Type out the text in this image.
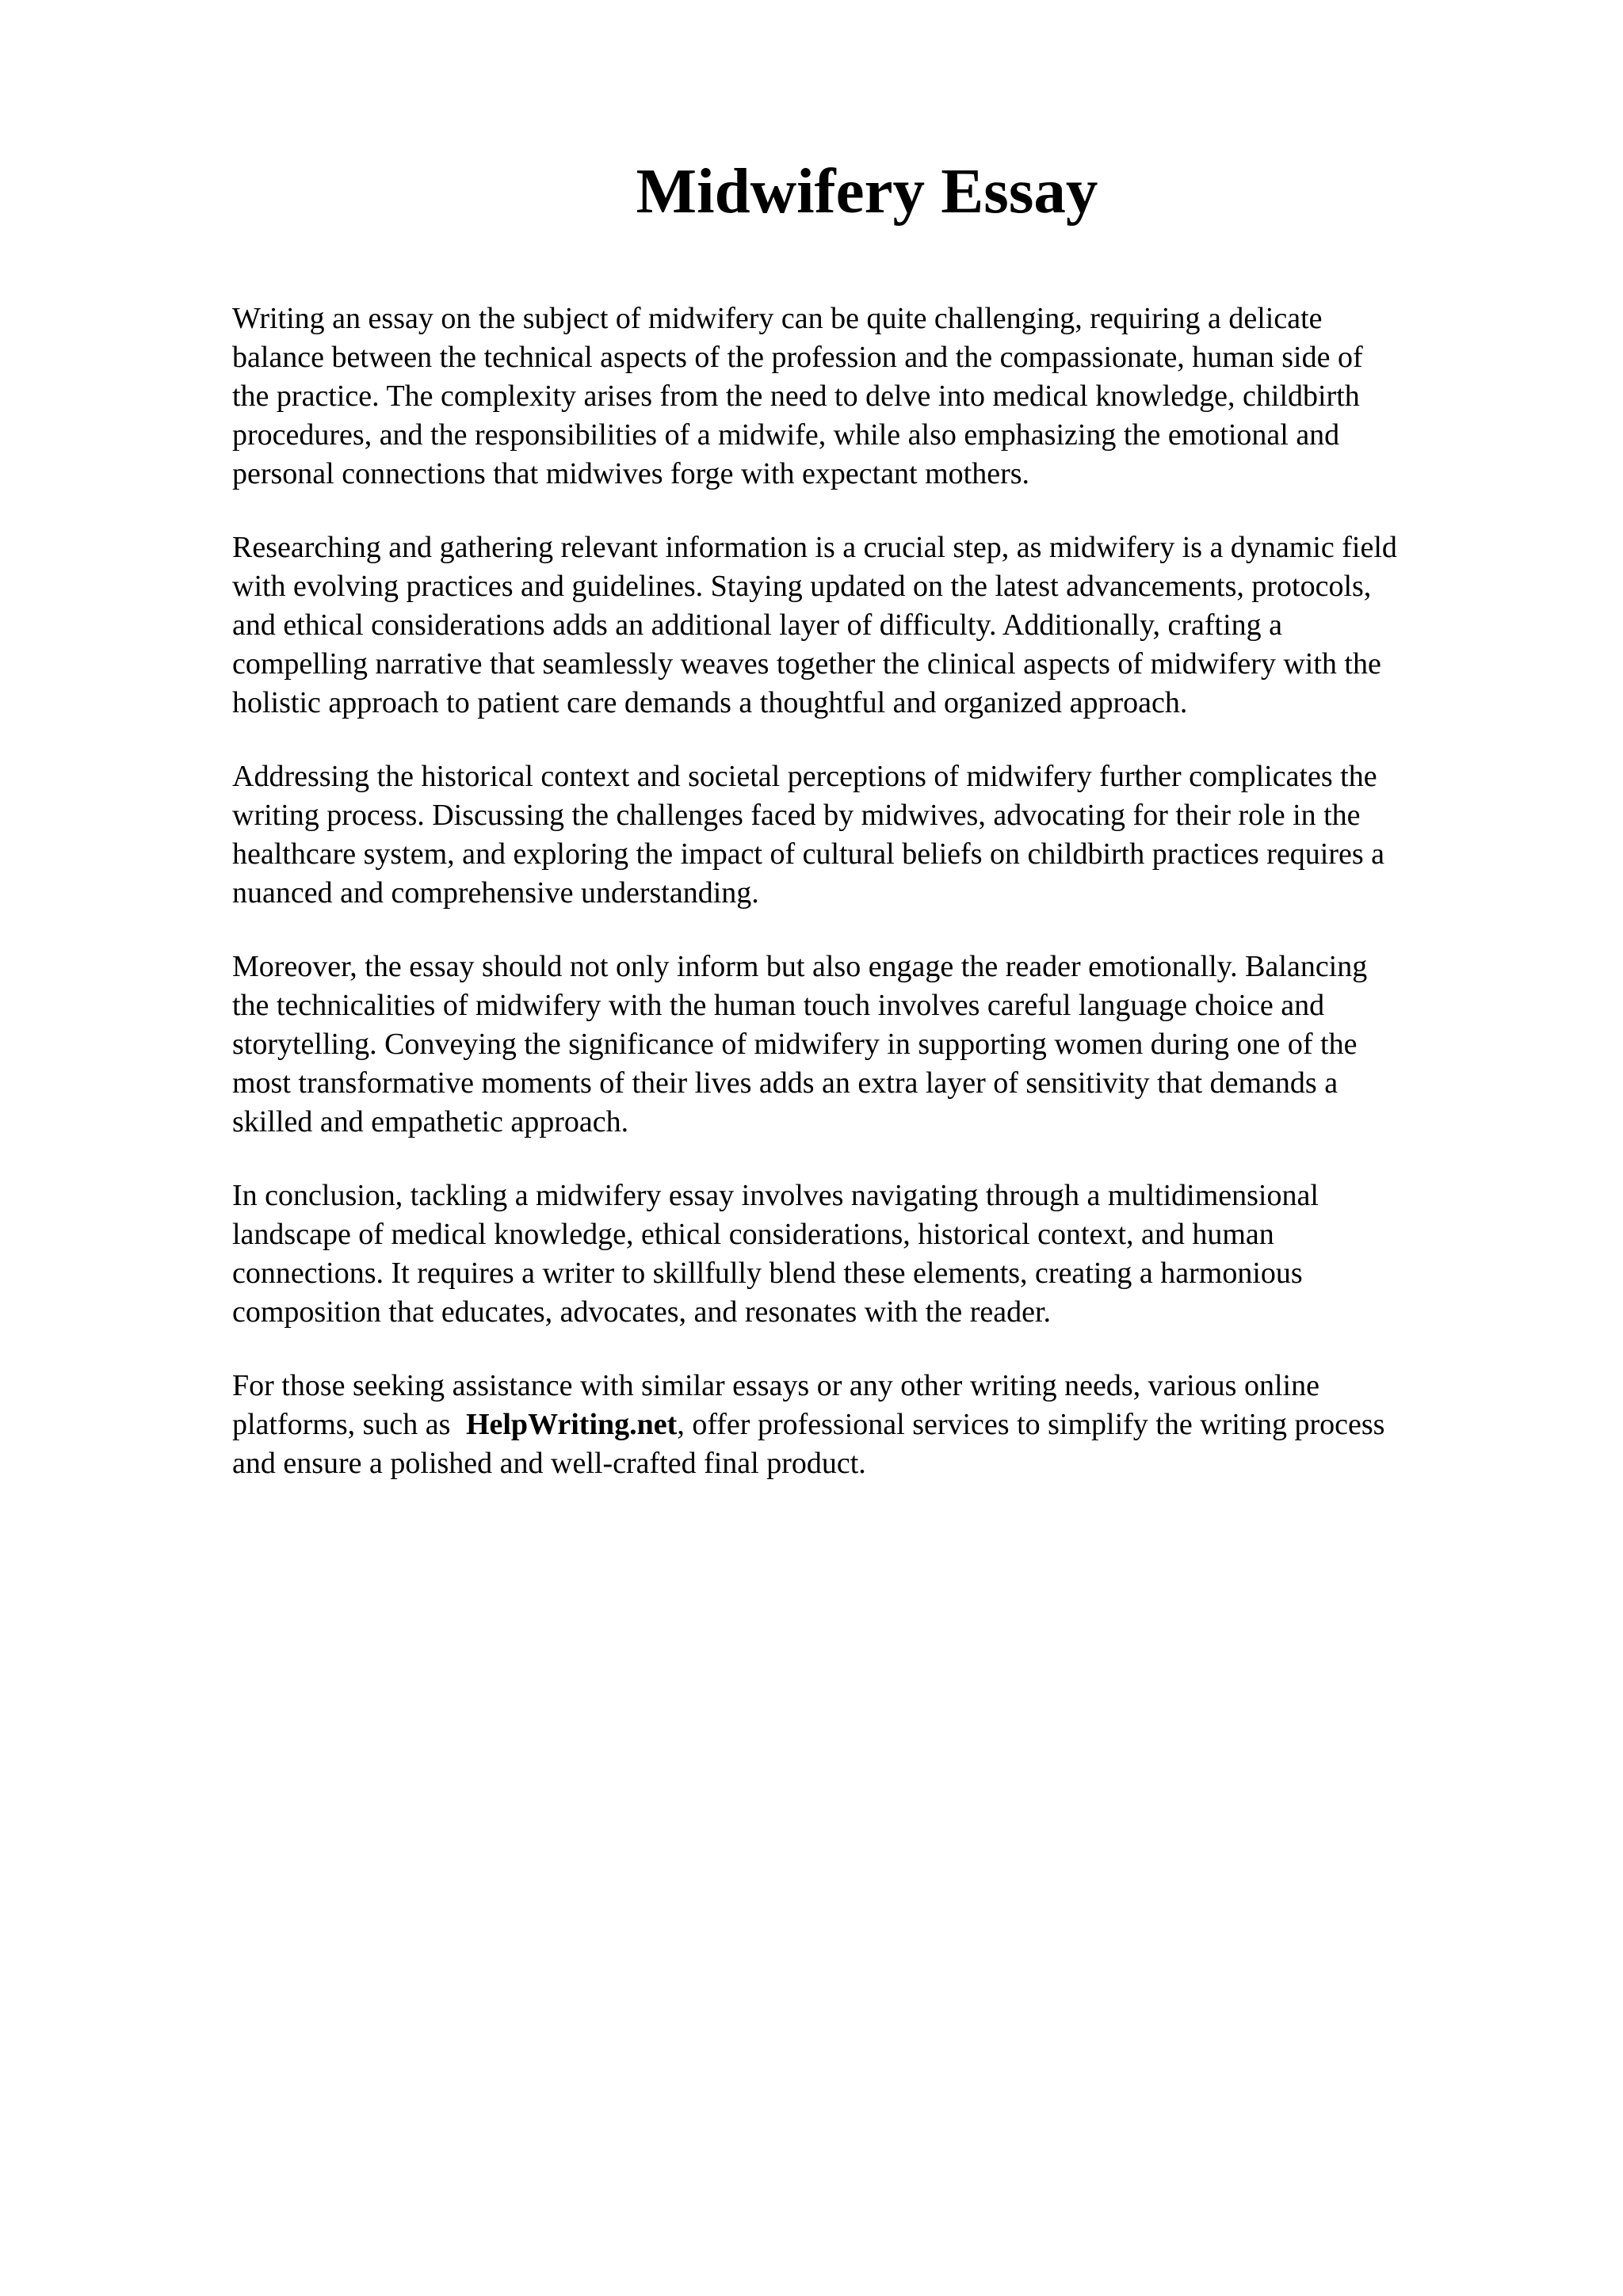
Midwifery Essay

Writing an essay on the subject of midwifery can be quite challenging, requiring a delicate
balance between the technical aspects of the profession and the compassionate, human side of
the practice. The complexity arises from the need to delve into medical knowledge, childbirth
procedures, and the responsibilities of a midwife, while also emphasizing the emotional and
personal connections that midwives forge with expectant mothers.

Researching and gathering relevant information is a crucial step, as midwifery is a dynamic field
with evolving practices and guidelines. Staying updated on the latest advancements, protocols,
and ethical considerations adds an additional layer of difficulty. Additionally, crafting a
compelling narrative that seamlessly weaves together the clinical aspects of midwifery with the
holistic approach to patient care demands a thoughtful and organized approach.

Addressing the historical context and societal perceptions of midwifery further complicates the
writing process. Discussing the challenges faced by midwives, advocating for their role in the
healthcare system, and exploring the impact of cultural beliefs on childbirth practices requires a
nuanced and comprehensive understanding.

Moreover, the essay should not only inform but also engage the reader emotionally. Balancing
the technicalities of midwifery with the human touch involves careful language choice and
storytelling. Conveying the significance of midwifery in supporting women during one of the
most transformative moments of their lives adds an extra layer of sensitivity that demands a
skilled and empathetic approach.

In conclusion, tackling a midwifery essay involves navigating through a multidimensional
landscape of medical knowledge, ethical considerations, historical context, and human
connections. It requires a writer to skillfully blend these elements, creating a harmonious
composition that educates, advocates, and resonates with the reader.

For those seeking assistance with similar essays or any other writing needs, various online
platforms, such as HelpWriting.net, offer professional services to simplify the writing process
and ensure a polished and well-crafted final product.
